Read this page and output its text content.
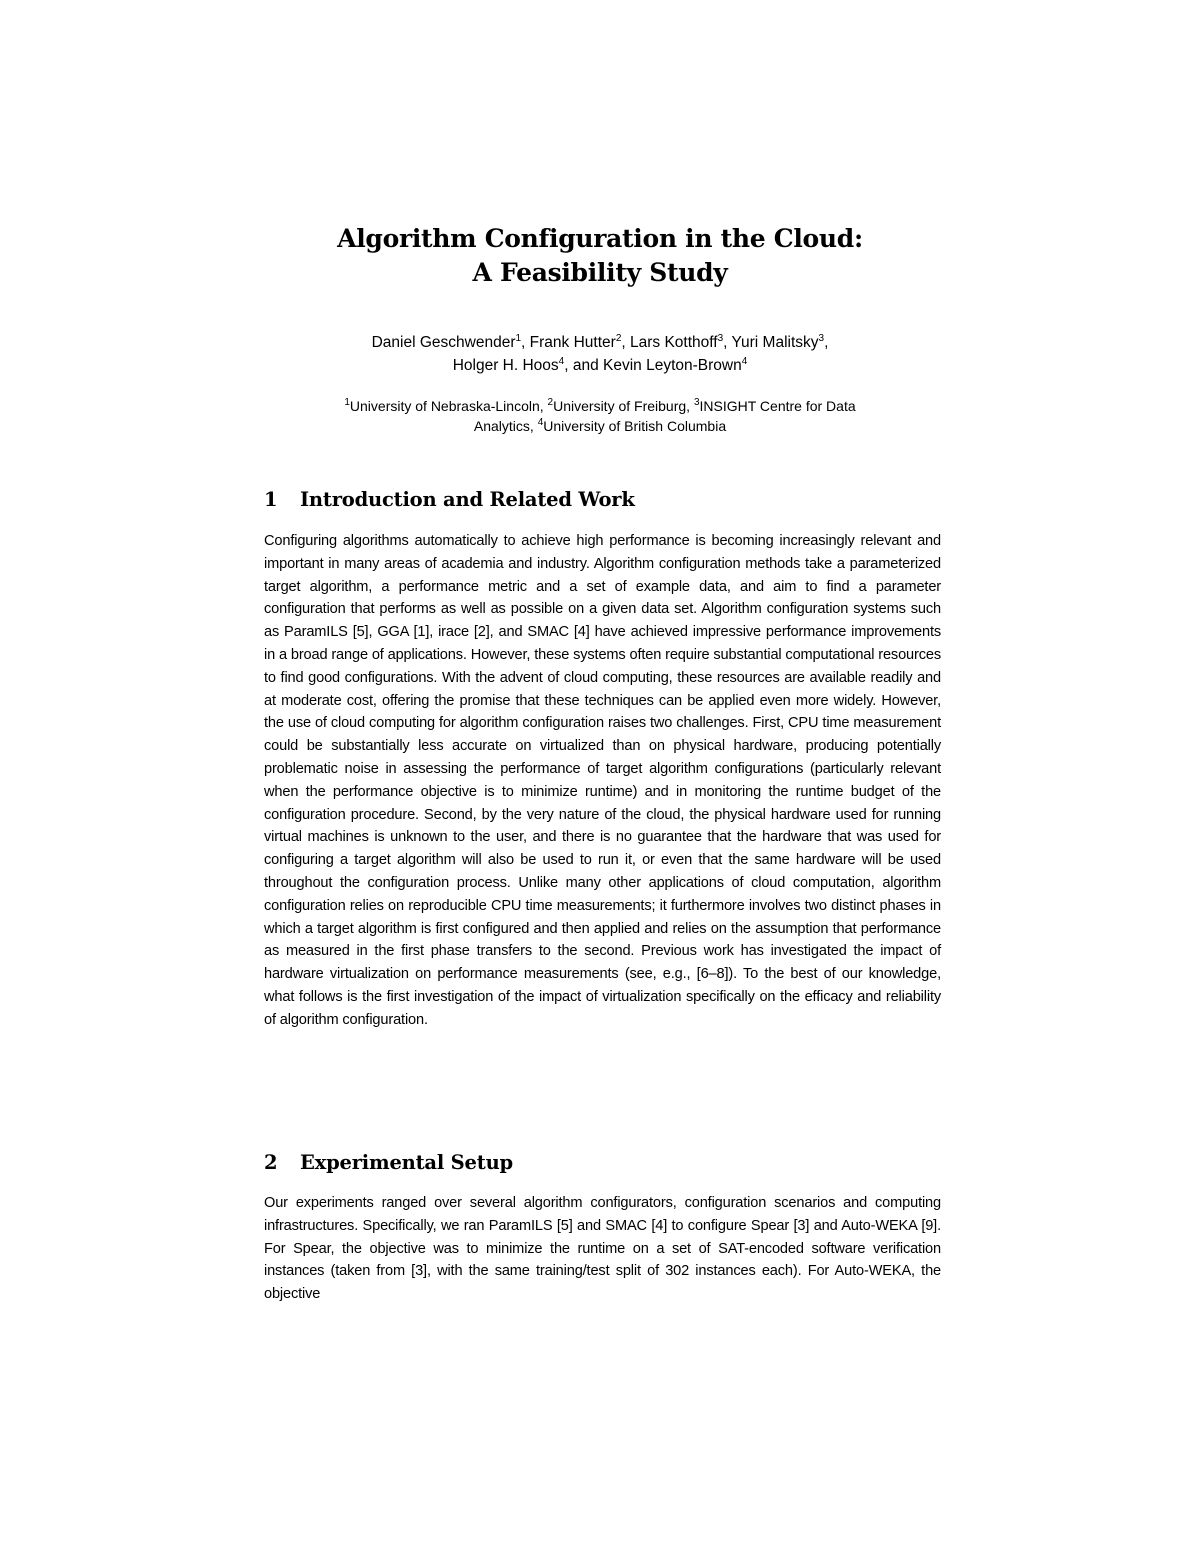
Algorithm Configuration in the Cloud:
A Feasibility Study

Daniel Geschwender$^1$, Frank Hutter$^2$, Lars Kotthoff$^3$, Yuri Malitsky$^3$,

Holger H. Hoos$^4$, and Kevin Leyton-Brown$^4$

$^1$University of Nebraska-Lincoln, $^2$University of Freiburg, $^3$INSIGHT Centre for Data

Analytics, $^4$University of British Columbia

1 Introduction and Related Work

Configuring algorithms automatically to achieve high performance is becoming increasingly relevant and important in many areas of academia and industry. Algorithm configuration methods take a parameterized target algorithm, a performance metric and a set of example data, and aim to find a parameter configuration that performs as well as possible on a given data set. Algorithm configuration systems such as ParamILS [5], GGA [1], irace [2], and SMAC [4] have achieved impressive performance improvements in a broad range of applications. However, these systems often require substantial computational resources to find good configurations. With the advent of cloud computing, these resources are available readily and at moderate cost, offering the promise that these techniques can be applied even more widely. However, the use of cloud computing for algorithm configuration raises two challenges. First, CPU time measurement could be substantially less accurate on virtualized than on physical hardware, producing potentially problematic noise in assessing the performance of target algorithm configurations (particularly relevant when the performance objective is to minimize runtime) and in monitoring the runtime budget of the configuration procedure. Second, by the very nature of the cloud, the physical hardware used for running virtual machines is unknown to the user, and there is no guarantee that the hardware that was used for configuring a target algorithm will also be used to run it, or even that the same hardware will be used throughout the configuration process. Unlike many other applications of cloud computation, algorithm configuration relies on reproducible CPU time measurements; it furthermore involves two distinct phases in which a target algorithm is first configured and then applied and relies on the assumption that performance as measured in the first phase transfers to the second. Previous work has investigated the impact of hardware virtualization on performance measurements (see, e.g., [6–8]). To the best of our knowledge, what follows is the first investigation of the impact of virtualization specifically on the efficacy and reliability of algorithm configuration.

2 Experimental Setup

Our experiments ranged over several algorithm configurators, configuration scenarios and computing infrastructures. Specifically, we ran ParamILS [5] and SMAC [4] to configure Spear [3] and Auto-WEKA [9]. For Spear, the objective was to minimize the runtime on a set of SAT-encoded software verification instances (taken from [3], with the same training/test split of 302 instances each). For Auto-WEKA, the objective
